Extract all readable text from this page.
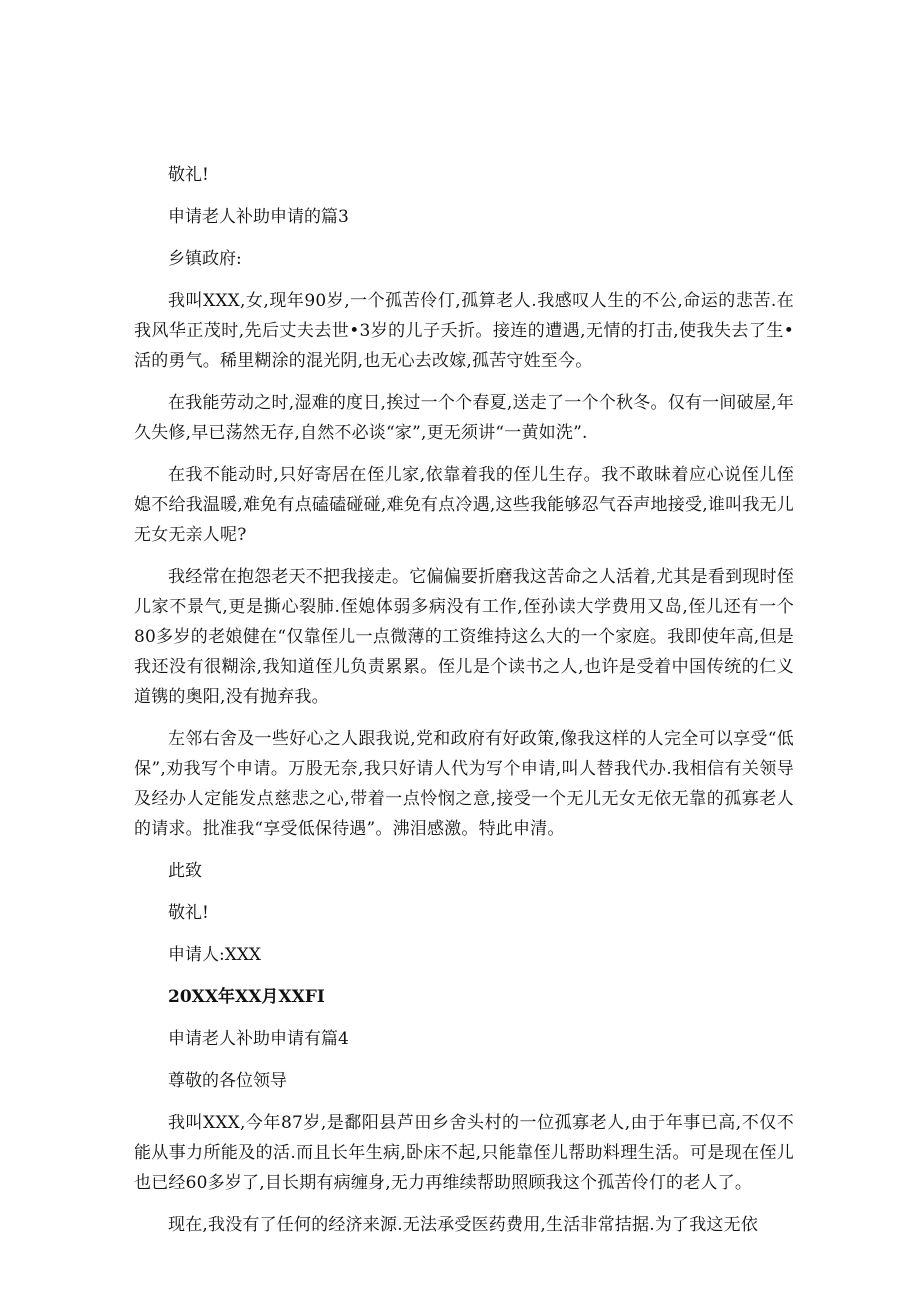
敬礼!

申请老人补助申请的篇3

乡镇政府:

我叫XXX,女,现年90岁,一个孤苦伶仃,孤算老人.我感叹人生的不公,命运的悲苦.在我风华正茂时,先后丈夫去世•3岁的儿子夭折。接连的遭遇,无情的打击,使我失去了生•活的勇气。稀里糊涂的混光阴,也无心去改嫁,孤苦守姓至今。

在我能劳动之时,湿难的度日,挨过一个个春夏,送走了一个个秋冬。仅有一间破屋,年久失修,早已荡然无存,自然不必谈“家”,更无须讲“一黄如洗”.

在我不能动时,只好寄居在侄儿家,依靠着我的侄儿生存。我不敢昧着应心说侄儿侄媳不给我温暖,难免有点磕磕碰碰,难免有点冷遇,这些我能够忍气吞声地接受,谁叫我无儿无女无亲人呢?

我经常在抱怨老天不把我接走。它偏偏要折磨我这苦命之人活着,尤其是看到现时侄儿家不景气,更是撕心裂肺.侄媳体弱多病没有工作,侄孙读大学费用又岛,侄儿还有一个80多岁的老娘健在“仅靠侄儿一点微薄的工资维持这么大的一个家庭。我即使年高,但是我还没有很糊涂,我知道侄儿负责累累。侄儿是个读书之人,也许是受着中国传统的仁义道镌的奥阳,没有抛弃我。

左邻右舍及一些好心之人跟我说,党和政府有好政策,像我这样的人完全可以享受“低保”,劝我写个申请。万股无奈,我只好请人代为写个申请,叫人替我代办.我相信有关领导及经办人定能发点慈悲之心,带着一点怜悯之意,接受一个无儿无女无依无靠的孤寡老人的请求。批准我“享受低保待遇”。沸泪感激。特此申清。

此致

敬礼!

申请人:XXX

20XX年XX月XXFI

申请老人补助申请有篇4

尊敬的各位领导

我叫XXX,今年87岁,是鄱阳县芦田乡舍头村的一位孤寡老人,由于年事已高,不仅不能从事力所能及的活.而且长年生病,卧床不起,只能靠侄儿帮助料理生活。可是现在侄儿也已经60多岁了,目长期有病缠身,无力再维续帮助照顾我这个孤苦伶仃的老人了。

现在,我没有了任何的经济来源.无法承受医药费用,生活非常拮据.为了我这无依
